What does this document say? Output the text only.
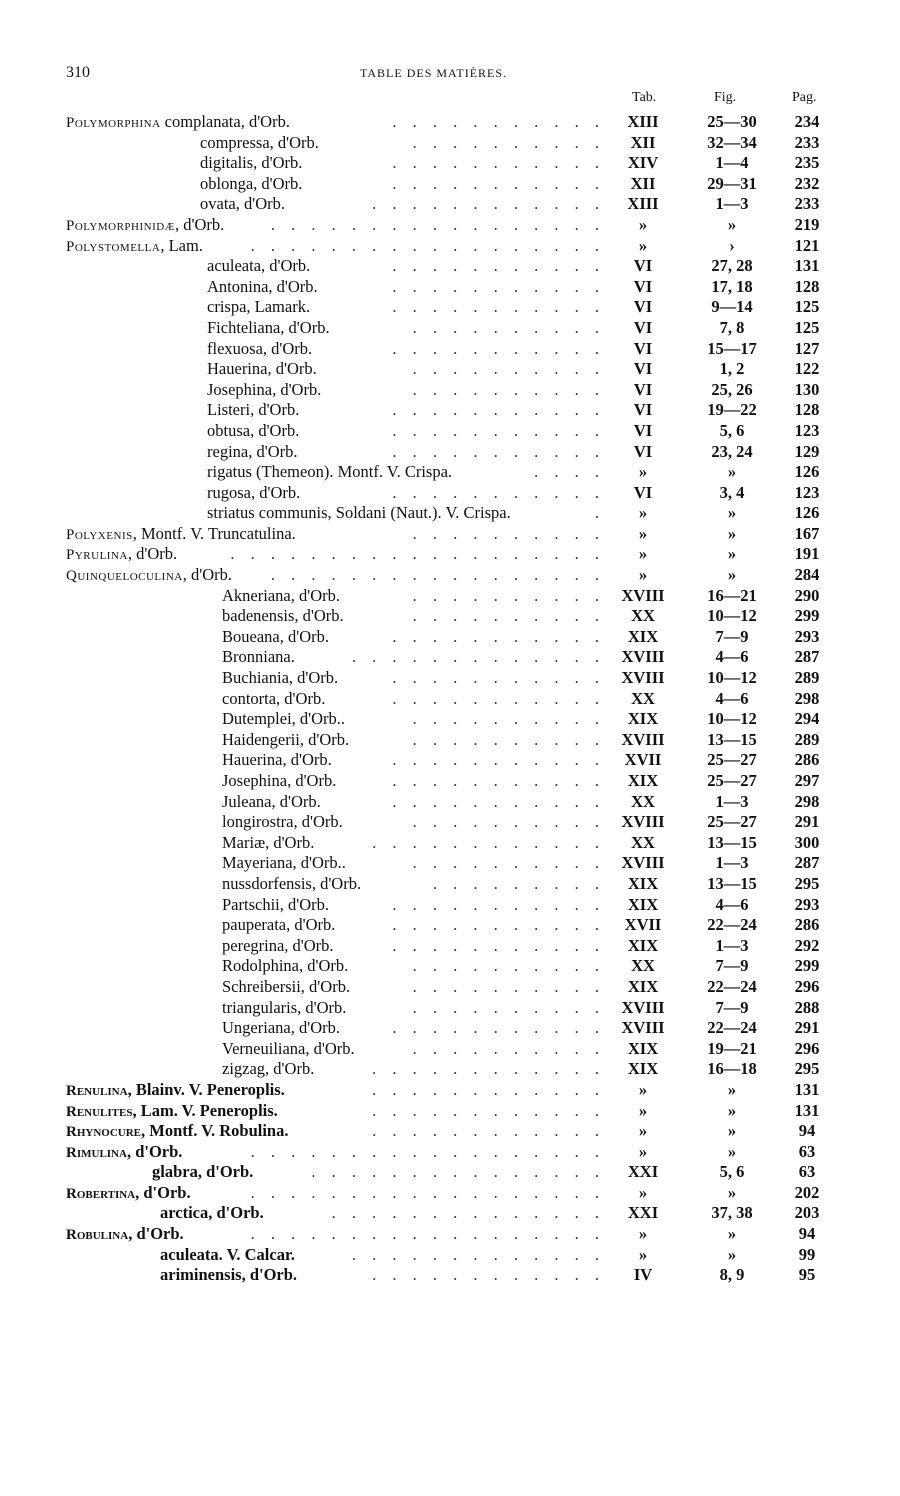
310	TABLE DES MATIÈRES.
Tab.	Fig.	Pag.
Polymorphina complanata, d'Orb.	. . . . . . . . . . .	XIII	25—30	234
compressa, d'Orb.	. . . . . . . . . .	XII	32—34	233
digitalis, d'Orb.	. . . . . . . . . . .	XIV	1—4	235
oblonga, d'Orb.	. . . . . . . . . . .	XII	29—31	232
ovata, d'Orb.	. . . . . . . . . . . .	XIII	1—3	233
Polymorphinidæ, d'Orb.	. . . . . . . . . . . . . . . . .	»	»	219
Polystomella, Lam.	. . . . . . . . . . . . . . . . . .	»	›	121
aculeata, d'Orb.	. . . . . . . . . . .	VI	27, 28	131
Antonina, d'Orb.	. . . . . . . . . . .	VI	17, 18	128
crispa, Lamark.	. . . . . . . . . . .	VI	9—14	125
Fichteliana, d'Orb.	. . . . . . . . . .	VI	7, 8	125
flexuosa, d'Orb.	. . . . . . . . . . .	VI	15—17	127
Hauerina, d'Orb.	. . . . . . . . . .	VI	1, 2	122
Josephina, d'Orb.	. . . . . . . . . .	VI	25, 26	130
Listeri, d'Orb.	. . . . . . . . . . .	VI	19—22	128
obtusa, d'Orb.	. . . . . . . . . . .	VI	5, 6	123
regina, d'Orb.	. . . . . . . . . . .	VI	23, 24	129
rigatus (Themeon). Montf. V. Crispa.	. . . .	»	»	126
rugosa, d'Orb.	. . . . . . . . . . .	VI	3, 4	123
striatus communis, Soldani (Naut.). V. Crispa.	.	»	»	126
Polyxenis, Montf. V. Truncatulina.	. . . . . . . . . .	»	»	167
Pyrulina, d'Orb.	. . . . . . . . . . . . . . . . . . .	»	»	191
Quinqueloculina, d'Orb.	. . . . . . . . . . . . . . . . .	»	»	284
Akneriana, d'Orb.	. . . . . . . . . . XVIII	16—21	290
badenensis, d'Orb.	. . . . . . . . . .	XX	10—12	299
Boueana, d'Orb.	. . . . . . . . . . .	XIX	7—9	293
Bronniana.	. . . . . . . . . . . . . XVIII	4—6	287
Buchiania, d'Orb.	. . . . . . . . . . . XVIII	10—12	289
contorta, d'Orb.	. . . . . . . . . . .	XX	4—6	298
Dutemplei, d'Orb..	. . . . . . . . . .	XIX	10—12	294
Haidengerii, d'Orb.	. . . . . . . . . . XVIII	13—15	289
Hauerina, d'Orb.	. . . . . . . . . . .	XVII	25—27	286
Josephina, d'Orb.	. . . . . . . . . . .	XIX	25—27	297
Juleana, d'Orb.	. . . . . . . . . . .	XX	1—3	298
longirostra, d'Orb.	. . . . . . . . . . XVIII	25—27	291
Mariæ, d'Orb.	. . . . . . . . . . . .	XX	13—15	300
Mayeriana, d'Orb..	. . . . . . . . . . XVIII	1—3	287
nussdorfensis, d'Orb.	. . . . . . . . .	XIX	13—15	295
Partschii, d'Orb.	. . . . . . . . . . .	XIX	4—6	293
pauperata, d'Orb.	. . . . . . . . . . .	XVII	22—24	286
peregrina, d'Orb.	. . . . . . . . . . .	XIX	1—3	292
Rodolphina, d'Orb.	. . . . . . . . . .	XX	7—9	299
Schreibersii, d'Orb.	. . . . . . . . . .	XIX	22—24	296
triangularis, d'Orb.	. . . . . . . . . . XVIII	7—9	288
Ungeriana, d'Orb.	. . . . . . . . . . . XVIII	22—24	291
Verneuiliana, d'Orb.	. . . . . . . . . .	XIX	19—21	296
zigzag, d'Orb.	. . . . . . . . . . . .	XIX	16—18	295
Renulina, Blainv. V. Peneroplis.	. . . . . . . . . . . .	»	»	131
Renulites, Lam. V. Peneroplis.	. . . . . . . . . . . .	»	»	131
Rhynocure, Montf. V. Robulina.	. . . . . . . . . . . .	»	»	94
Rimulina, d'Orb.	. . . . . . . . . . . . . . . . . .	»	»	63
glabra, d'Orb.	. . . . . . . . . . . . . . .	XXI	5, 6	63
Robertina, d'Orb.	. . . . . . . . . . . . . . . . . .	»	»	202
arctica, d'Orb.	. . . . . . . . . . . . . .	XXI	37, 38	203
Robulina, d'Orb.	. . . . . . . . . . . . . . . . . .	»	»	94
aculeata. V. Calcar.	. . . . . . . . . . . . .	»	»	99
ariminensis, d'Orb.	. . . . . . . . . . . .	IV	8, 9	95
